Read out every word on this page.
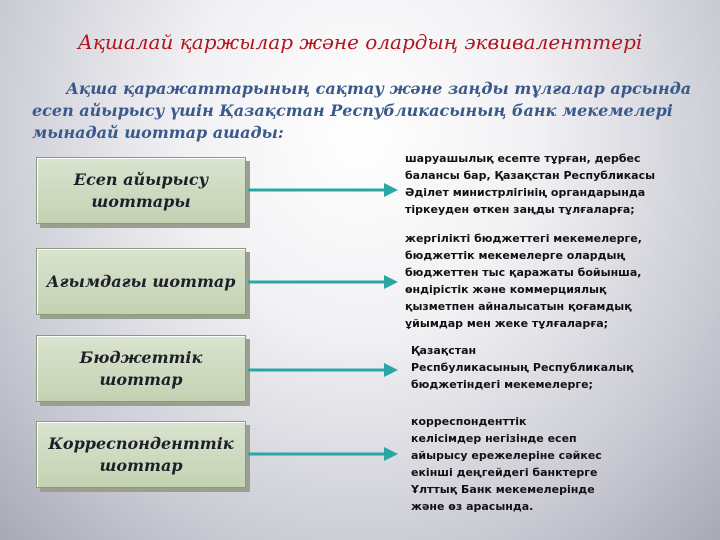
Ақшалай қаржылар және олардың эквиваленттері
Ақша қаражаттарының сақтау және заңды тұлғалар арсында есеп айырысу үшін Қазақстан Республикасының банк мекемелері мынадай шоттар ашады:
Есеп айырысу шоттары
Ағымдағы шоттар
Бюджеттік шоттар
Корреспонденттік шоттар
шаруашылық есепте тұрған, дербес
балансы бар, Қазақстан Республикасы
Әділет министрлігінің органдарында
тіркеуден өткен заңды тұлғаларға;
жергілікті бюджеттегі мекемелерге,
бюджеттік мекемелерге олардың
бюджеттен тыс қаражаты бойынша,
өндірістік және коммерциялық
қызметпен айналысатын қоғамдық
ұйымдар мен жеке тұлғаларға;
Қазақстан
Респбуликасының Республикалық
бюджетіндегі мекемелерге;
корреспонденттік
келісімдер негізінде есеп
айырысу ережелеріне сәйкес
екінші деңгейдегі банктерге
Ұлттық Банк мекемелерінде
және өз арасында.
